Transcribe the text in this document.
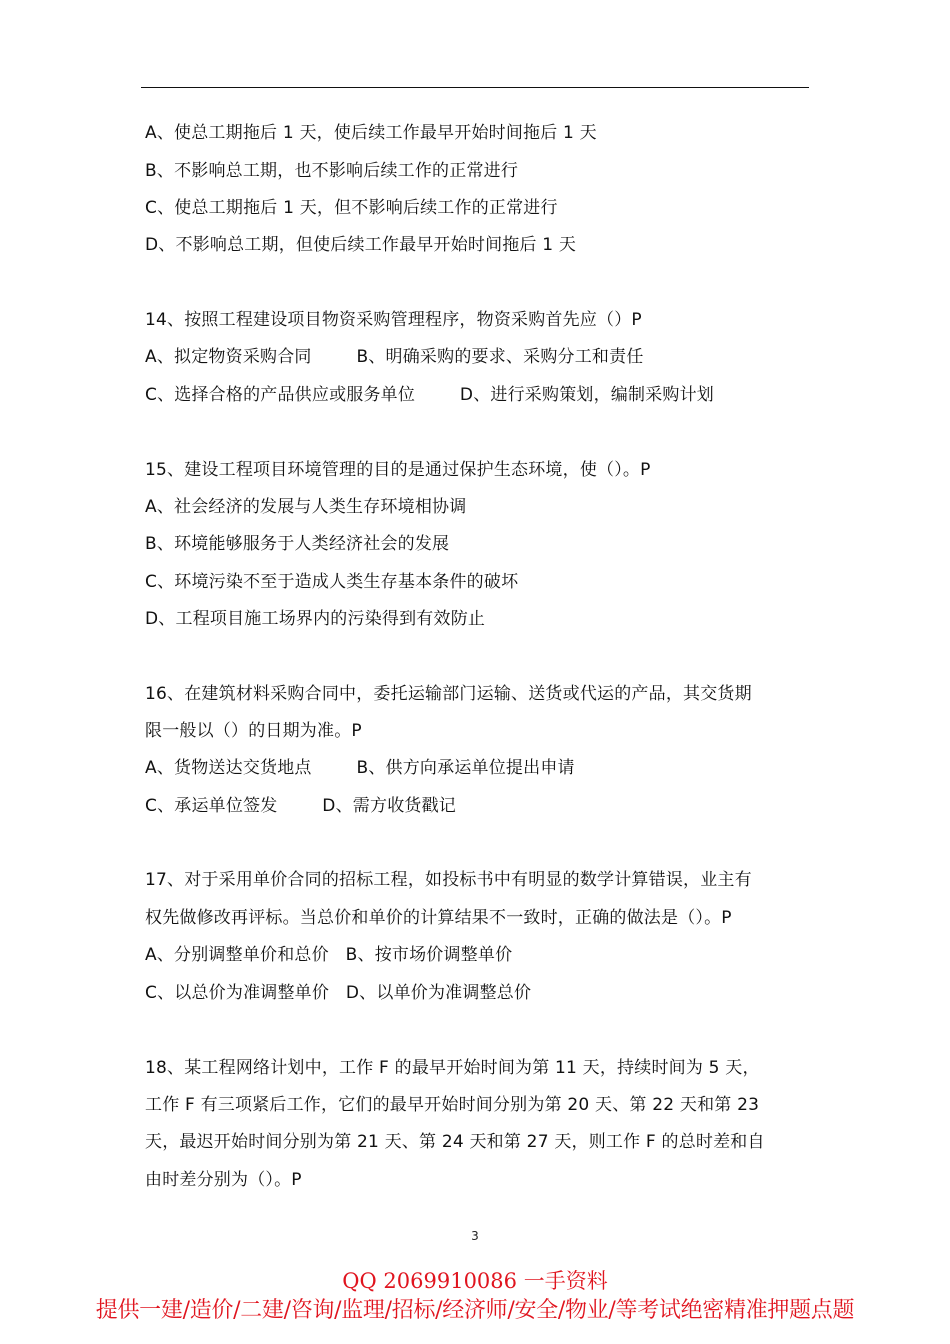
A、使总工期拖后 1 天，使后续工作最早开始时间拖后 1 天
B、不影响总工期，也不影响后续工作的正常进行
C、使总工期拖后 1 天，但不影响后续工作的正常进行
D、不影响总工期，但使后续工作最早开始时间拖后 1 天
14、按照工程建设项目物资采购管理程序，物资采购首先应（）P
A、拟定物资采购合同        B、明确采购的要求、采购分工和责任
C、选择合格的产品供应或服务单位        D、进行采购策划，编制采购计划
15、建设工程项目环境管理的目的是通过保护生态环境，使（）。P
A、社会经济的发展与人类生存环境相协调
B、环境能够服务于人类经济社会的发展
C、环境污染不至于造成人类生存基本条件的破坏
D、工程项目施工场界内的污染得到有效防止
16、在建筑材料采购合同中，委托运输部门运输、送货或代运的产品，其交货期
限一般以（）的日期为准。P
A、货物送达交货地点        B、供方向承运单位提出申请
C、承运单位签发        D、需方收货戳记
17、对于采用单价合同的招标工程，如投标书中有明显的数学计算错误，业主有
权先做修改再评标。当总价和单价的计算结果不一致时，正确的做法是（）。P
A、分别调整单价和总价   B、按市场价调整单价
C、以总价为准调整单价   D、以单价为准调整总价
18、某工程网络计划中，工作 F 的最早开始时间为第 11 天，持续时间为 5 天，
工作 F 有三项紧后工作，它们的最早开始时间分别为第 20 天、第 22 天和第 23
天，最迟开始时间分别为第 21 天、第 24 天和第 27 天，则工作 F 的总时差和自
由时差分别为（）。P
3
QQ 2069910086 一手资料
提供一建/造价/二建/咨询/监理/招标/经济师/安全/物业/等考试绝密精准押题点题
